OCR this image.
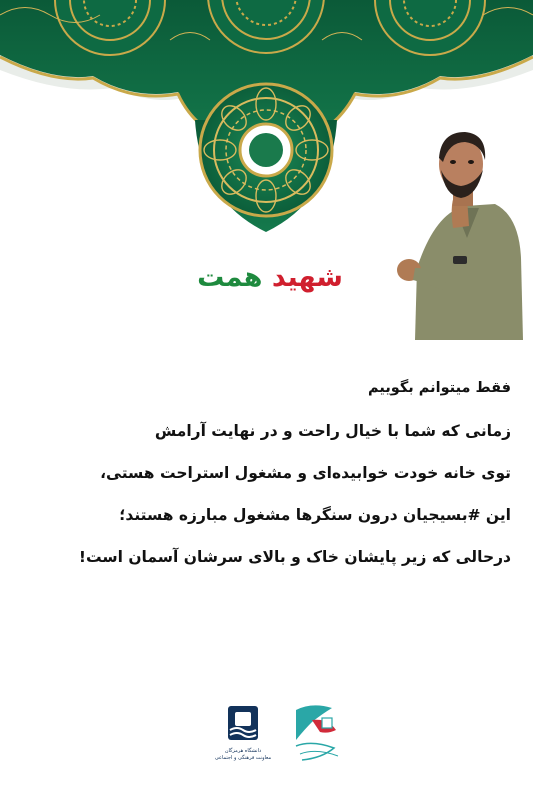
شهید همت
فقط میتوانم بگوییم
زمانی که شما با خیال راحت و در نهایت آرامش
توی خانه خودت خوابیده‌ای و مشغول استراحت هستی،
این #بسیجیان درون سنگرها مشغول مبارزه هستند؛
درحالی که زیر پایشان خاک و بالای سرشان آسمان است!
دانشگاه هرمزگان
معاونت فرهنگی و اجتماعی
